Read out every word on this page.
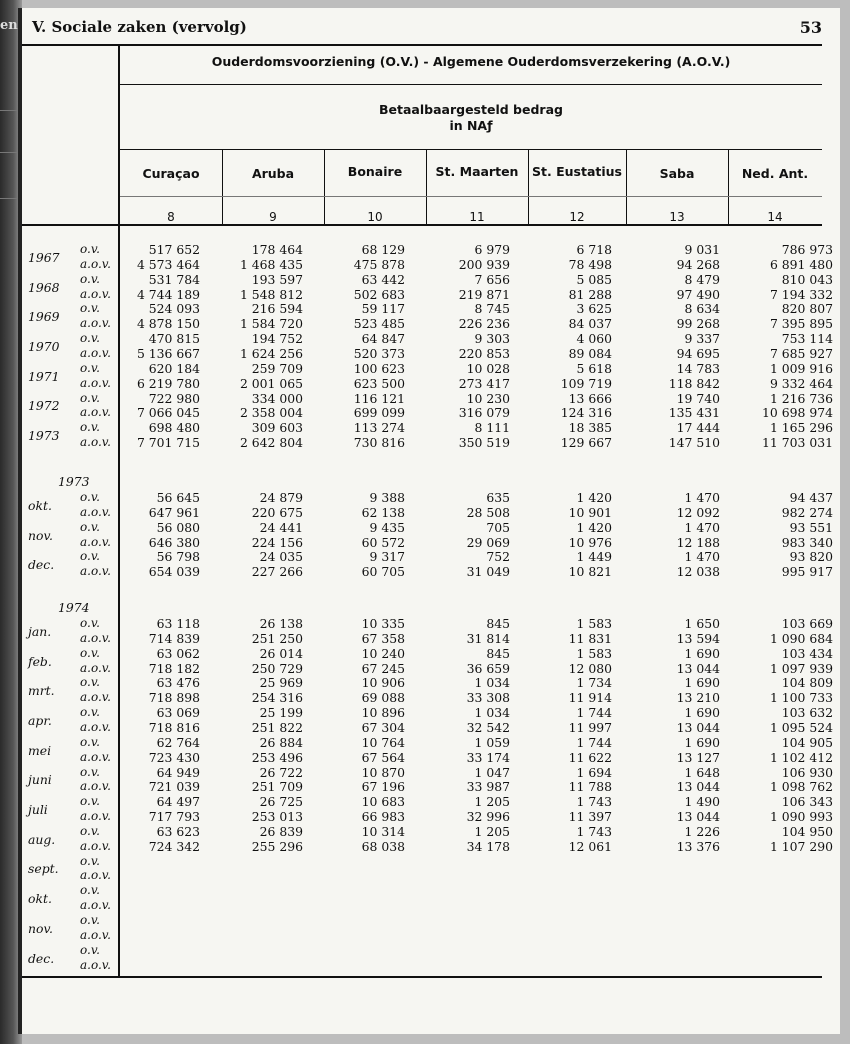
en V. Sociale zaken (vervolg)	53
Ouderdomsvoorziening (O.V.) - Algemene Ouderdomsverzekering (A.O.V.)
Betaalbaargesteld bedrag
in NAƒ
Curaçao	Aruba	Bonaire	St. Maarten	St. Eustatius	Saba	Ned. Ant.
8	9	10	11	12	13	14
o.v.	517 652	178 464	68 129	6 979	6 718	9 031	786 973
1967 a.o.v.	4 573 464	1 468 435	475 878	200 939	78 498	94 268	6 891 480
o.v.	531 784	193 597	63 442	7 656	5 085	8 479	810 043
1968 a.o.v.	4 744 189	1 548 812	502 683	219 871	81 288	97 490	7 194 332
o.v.	524 093	216 594	59 117	8 745	3 625	8 634	820 807
1969 a.o.v.	4 878 150	1 584 720	523 485	226 236	84 037	99 268	7 395 895
o.v.	470 815	194 752	64 847	9 303	4 060	9 337	753 114
1970 a.o.v.	5 136 667	1 624 256	520 373	220 853	89 084	94 695	7 685 927
o.v.	620 184	259 709	100 623	10 028	5 618	14 783	1 009 916
1971 a.o.v.	6 219 780	2 001 065	623 500	273 417	109 719	118 842	9 332 464
o.v.	722 980	334 000	116 121	10 230	13 666	19 740	1 216 736
1972 a.o.v.	7 066 045	2 358 004	699 099	316 079	124 316	135 431	10 698 974
o.v.	698 480	309 603	113 274	8 111	18 385	17 444	1 165 296
1973 a.o.v.	7 701 715	2 642 804	730 816	350 519	129 667	147 510	11 703 031
1973
o.v.	56 645	24 879	9 388	635	1 420	1 470	94 437
okt. a.o.v.	647 961	220 675	62 138	28 508	10 901	12 092	982 274
o.v.	56 080	24 441	9 435	705	1 420	1 470	93 551
nov. a.o.v.	646 380	224 156	60 572	29 069	10 976	12 188	983 340
o.v.	56 798	24 035	9 317	752	1 449	1 470	93 820
dec. a.o.v.	654 039	227 266	60 705	31 049	10 821	12 038	995 917
1974
o.v.	63 118	26 138	10 335	845	1 583	1 650	103 669
jan. a.o.v.	714 839	251 250	67 358	31 814	11 831	13 594	1 090 684
o.v.	63 062	26 014	10 240	845	1 583	1 690	103 434
feb. a.o.v.	718 182	250 729	67 245	36 659	12 080	13 044	1 097 939
o.v.	63 476	25 969	10 906	1 034	1 734	1 690	104 809
mrt. a.o.v.	718 898	254 316	69 088	33 308	11 914	13 210	1 100 733
o.v.	63 069	25 199	10 896	1 034	1 744	1 690	103 632
apr. a.o.v.	718 816	251 822	67 304	32 542	11 997	13 044	1 095 524
o.v.	62 764	26 884	10 764	1 059	1 744	1 690	104 905
mei a.o.v.	723 430	253 496	67 564	33 174	11 622	13 127	1 102 412
o.v.	64 949	26 722	10 870	1 047	1 694	1 648	106 930
juni a.o.v.	721 039	251 709	67 196	33 987	11 788	13 044	1 098 762
o.v.	64 497	26 725	10 683	1 205	1 743	1 490	106 343
juli	a.o.v.	717 793	253 013	66 983	32 996	11 397	13 044	1 090 993
o.v.	63 623	26 839	10 314	1 205	1 743	1 226	104 950
aug. a.o.v.	724 342	255 296	68 038	34 178	12 061	13 376	1 107 290
o.v.
sept. a.o.v.
o.v.
okt. a.o.v.
o.v.
nov. a.o.v.
o.v.
dec. a.o.v.
